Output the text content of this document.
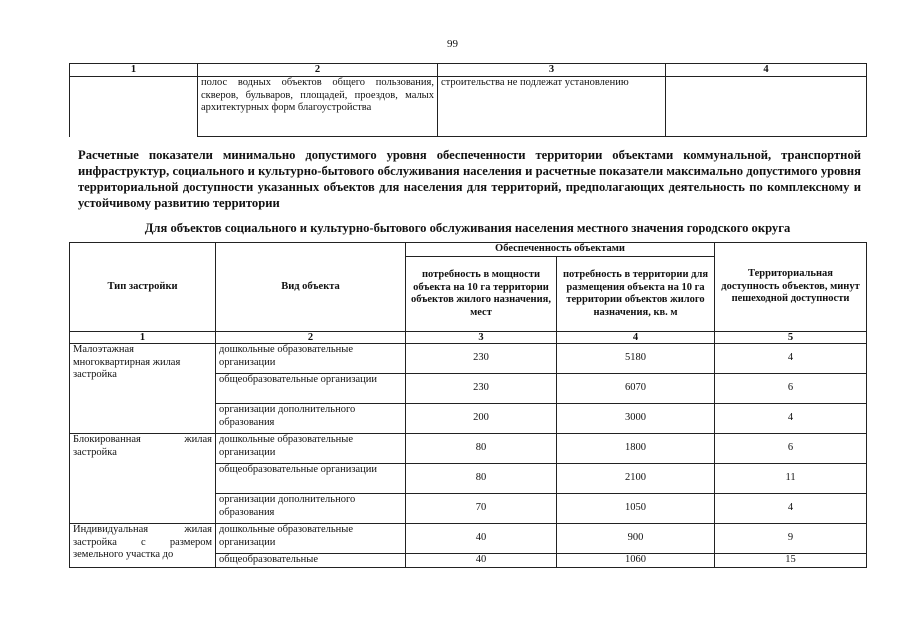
99
1	2	3	4
	полос водных объектов общего пользования, скверов, бульваров, площадей, проездов, малых архитектурных форм благоустройства	строительства не подлежат установлению	
Расчетные показатели минимально допустимого уровня обеспеченности территории объектами коммунальной, транспортной инфраструктур, социального и культурно-бытового обслуживания населения и расчетные показатели максимально допустимого уровня территориальной доступности указанных объектов для населения для территорий, предполагающих деятельность по комплексному и устойчивому развитию территории
Для объектов социального и культурно-бытового обслуживания населения местного значения городского округа
Тип застройки	Вид объекта	Обеспеченность объектами		Территориальная доступность объектов, минут пешеходной доступности
		потребность в мощности объекта на 10 га территории объектов жилого назначения, мест	потребность в территории для размещения объекта на 10 га территории объектов жилого назначения, кв. м	
1	2	3	4	5
Малоэтажная многоквартирная жилая застройка	дошкольные образовательные организации	230	5180	4
	общеобразовательные организации	230	6070	6
	организации дополнительного образования	200	3000	4
Блокированная жилая застройка	дошкольные образовательные организации	80	1800	6
	общеобразовательные организации	80	2100	11
	организации дополнительного образования	70	1050	4
Индивидуальная жилая застройка с размером земельного участка до	дошкольные образовательные организации	40	900	9
	общеобразовательные	40	1060	15
